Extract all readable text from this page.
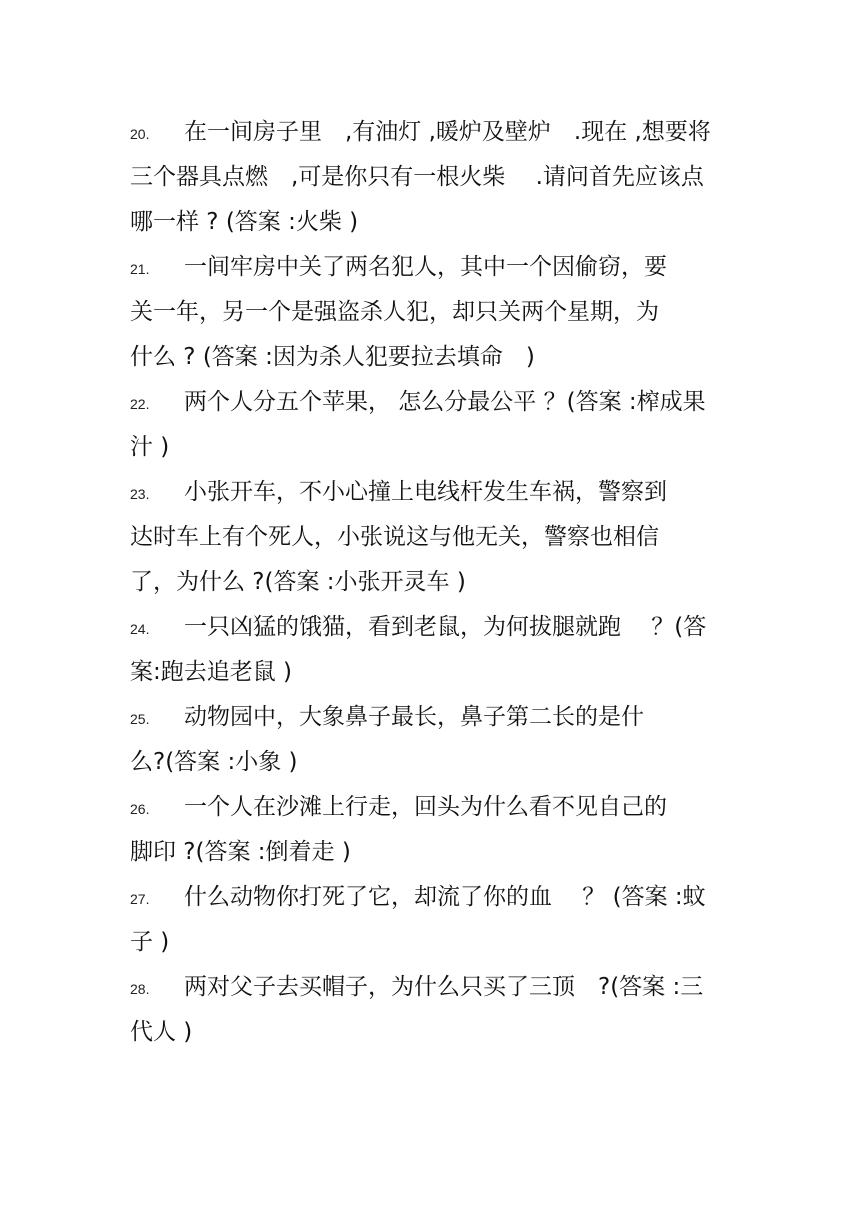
20. 在一间房子里　,有油灯 ,暖炉及壁炉　.现在 ,想要将
三个器具点燃　,可是你只有一根火柴　 .请问首先应该点
哪一样 ? (答案 :火柴 )
21. 一间牢房中关了两名犯人，其中一个因偷窃，要
关一年，另一个是强盗杀人犯，却只关两个星期，为
什么 ? (答案 :因为杀人犯要拉去填命　)
22. 两个人分五个苹果， 怎么分最公平 ？(答案 :榨成果
汁 )
23. 小张开车，不小心撞上电线杆发生车祸，警察到
达时车上有个死人，小张说这与他无关，警察也相信
了，为什么 ?(答案 :小张开灵车 )
24. 一只凶猛的饿猫，看到老鼠，为何拔腿就跑　 ？(答
案:跑去追老鼠 )
25. 动物园中，大象鼻子最长，鼻子第二长的是什
么?(答案 :小象 )
26. 一个人在沙滩上行走，回头为什么看不见自己的
脚印 ?(答案 :倒着走 )
27. 什么动物你打死了它，却流了你的血　 ？ (答案 :蚊
子 )
28. 两对父子去买帽子，为什么只买了三顶　?(答案 :三
代人 )
